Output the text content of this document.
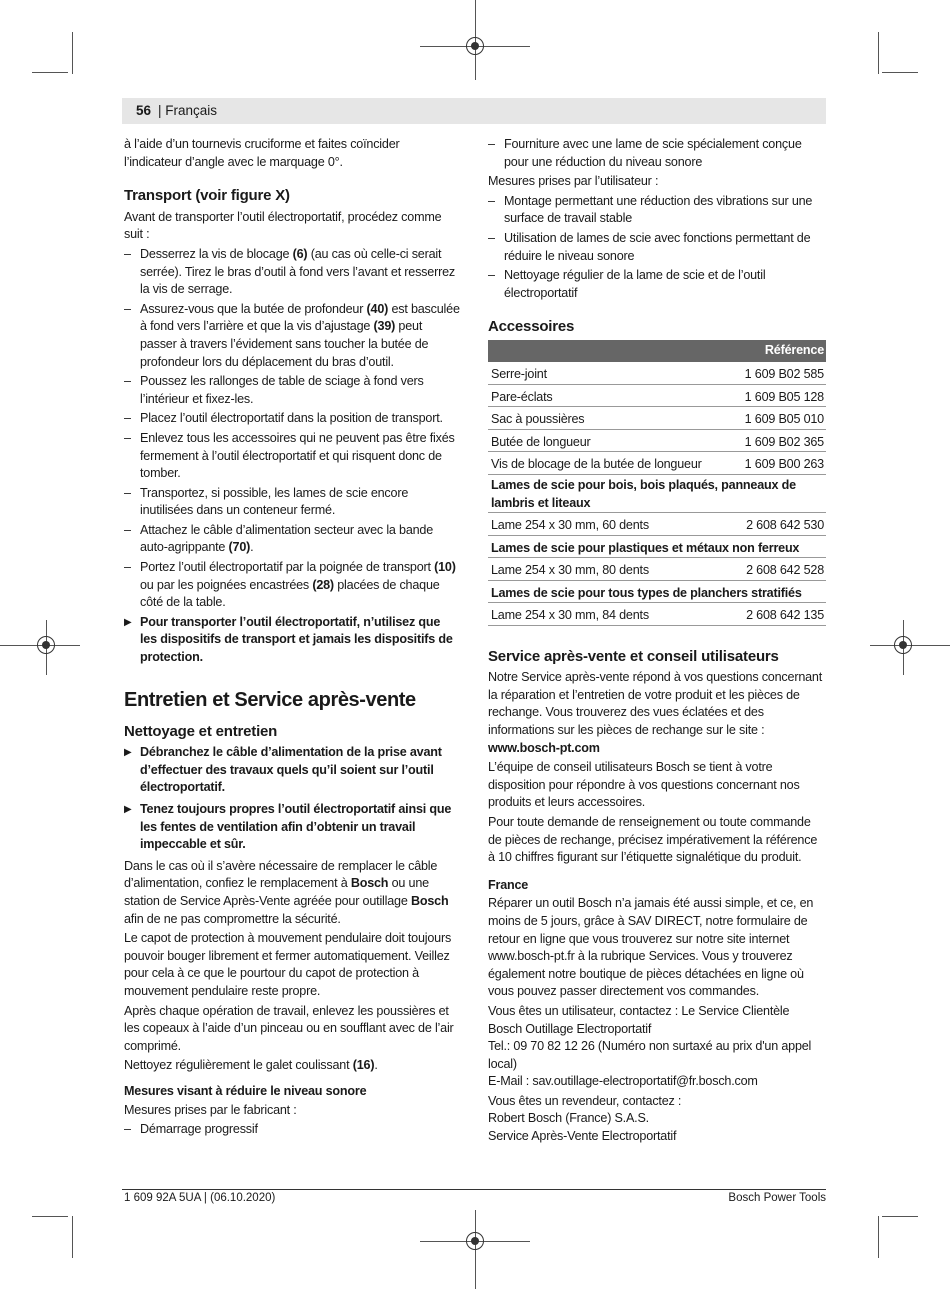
56 | Français
à l’aide d’un tournevis cruciforme et faites coïncider l’indicateur d’angle avec le marquage 0°.
Transport (voir figure X)
Avant de transporter l’outil électroportatif, procédez comme suit :
– Desserrez la vis de blocage (6) (au cas où celle-ci serait serrée). Tirez le bras d’outil à fond vers l’avant et resserrez la vis de serrage.
– Assurez-vous que la butée de profondeur (40) est basculée à fond vers l’arrière et que la vis d’ajustage (39) peut passer à travers l’évidement sans toucher la butée de profondeur lors du déplacement du bras d’outil.
– Poussez les rallonges de table de sciage à fond vers l’intérieur et fixez-les.
– Placez l’outil électroportatif dans la position de transport.
– Enlevez tous les accessoires qui ne peuvent pas être fixés fermement à l’outil électroportatif et qui risquent donc de tomber.
– Transportez, si possible, les lames de scie encore inutilisées dans un conteneur fermé.
– Attachez le câble d’alimentation secteur avec la bande auto-agrippante (70).
– Portez l’outil électroportatif par la poignée de transport (10) ou par les poignées encastrées (28) placées de chaque côté de la table.
▶ Pour transporter l’outil électroportatif, n’utilisez que les dispositifs de transport et jamais les dispositifs de protection.
Entretien et Service après-vente
Nettoyage et entretien
▶ Débranchez le câble d’alimentation de la prise avant d’effectuer des travaux quels qu’il soient sur l’outil électroportatif.
▶ Tenez toujours propres l’outil électroportatif ainsi que les fentes de ventilation afin d’obtenir un travail impeccable et sûr.
Dans le cas où il s’avère nécessaire de remplacer le câble d’alimentation, confiez le remplacement à Bosch ou une station de Service Après-Vente agréée pour outillage Bosch afin de ne pas compromettre la sécurité.
Le capot de protection à mouvement pendulaire doit toujours pouvoir bouger librement et fermer automatiquement. Veillez pour cela à ce que le pourtour du capot de protection à mouvement pendulaire reste propre.
Après chaque opération de travail, enlevez les poussières et les copeaux à l’aide d’un pinceau ou en soufflant avec de l’air comprimé.
Nettoyez régulièrement le galet coulissant (16).
Mesures visant à réduire le niveau sonore
Mesures prises par le fabricant :
– Démarrage progressif
– Fourniture avec une lame de scie spécialement conçue pour une réduction du niveau sonore
Mesures prises par l’utilisateur :
– Montage permettant une réduction des vibrations sur une surface de travail stable
– Utilisation de lames de scie avec fonctions permettant de réduire le niveau sonore
– Nettoyage régulier de la lame de scie et de l’outil électroportatif
Accessoires
Référence	
Serre-joint	1 609 B02 585
Pare-éclats	1 609 B05 128
Sac à poussières	1 609 B05 010
Butée de longueur	1 609 B02 365
Vis de blocage de la butée de longueur	1 609 B00 263
Lames de scie pour bois, bois plaqués, panneaux de lambris et liteaux	
Lame 254 x 30 mm, 60 dents	2 608 642 530
Lames de scie pour plastiques et métaux non ferreux	
Lame 254 x 30 mm, 80 dents	2 608 642 528
Lames de scie pour tous types de planchers stratifiés	
Lame 254 x 30 mm, 84 dents	2 608 642 135
Service après-vente et conseil utilisateurs
Notre Service après-vente répond à vos questions concernant la réparation et l’entretien de votre produit et les pièces de rechange. Vous trouverez des vues éclatées et des informations sur les pièces de rechange sur le site : www.bosch-pt.com
L’équipe de conseil utilisateurs Bosch se tient à votre disposition pour répondre à vos questions concernant nos produits et leurs accessoires.
Pour toute demande de renseignement ou toute commande de pièces de rechange, précisez impérativement la référence à 10 chiffres figurant sur l’étiquette signalétique du produit.
France
Réparer un outil Bosch n’a jamais été aussi simple, et ce, en moins de 5 jours, grâce à SAV DIRECT, notre formulaire de retour en ligne que vous trouverez sur notre site internet www.bosch-pt.fr à la rubrique Services. Vous y trouverez également notre boutique de pièces détachées en ligne où vous pouvez passer directement vos commandes.
Vous êtes un utilisateur, contactez : Le Service Clientèle
Bosch Outillage Electroportatif
Tel.: 09 70 82 12 26 (Numéro non surtaxé au prix d'un appel local)
E-Mail : sav.outillage-electroportatif@fr.bosch.com
Vous êtes un revendeur, contactez :
Robert Bosch (France) S.A.S.
Service Après-Vente Electroportatif
1 609 92A 5UA | (06.10.2020)	Bosch Power Tools
